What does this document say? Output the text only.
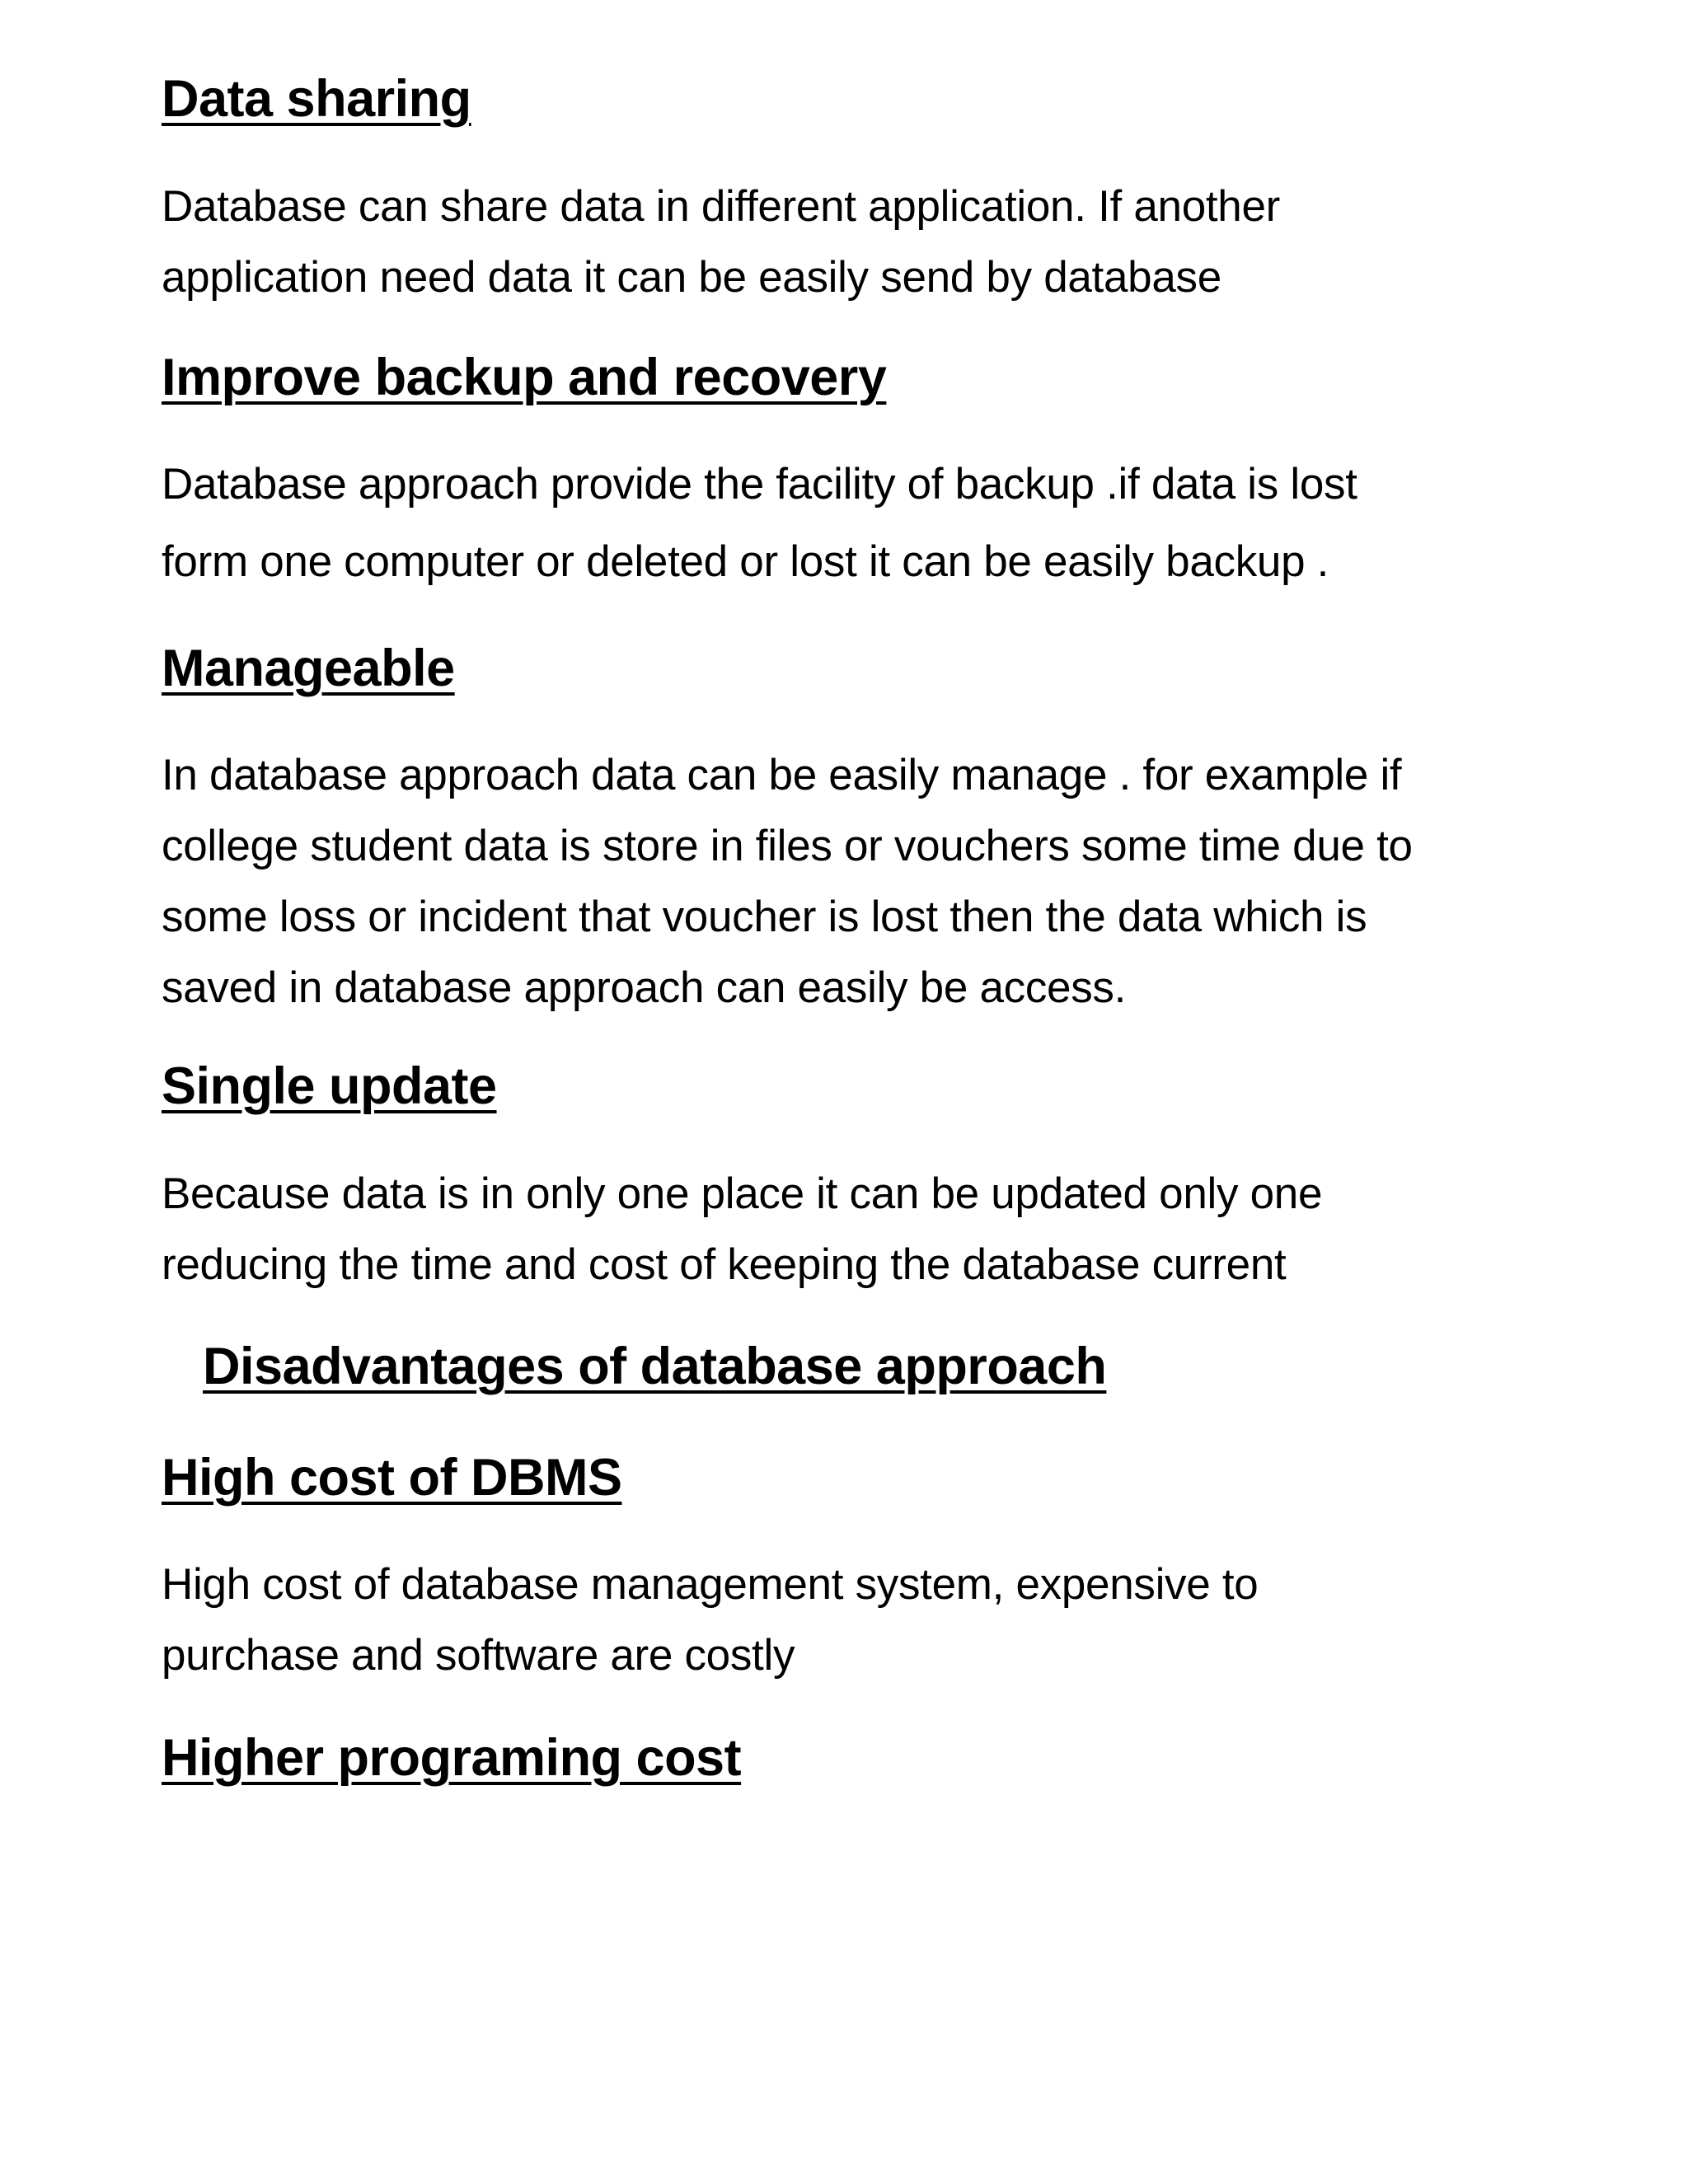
Data sharing

Database can share data in different application. If another
application need data it can be easily send by database

Improve backup and recovery

Database approach provide the facility of backup .if data is lost
form one computer or deleted or lost it can be easily backup .

Manageable

In database approach data can be easily manage . for example if
college student data is store in files or vouchers some time due to
some loss or incident that voucher is lost then the data which is
saved in database approach can easily be access.

Single update

Because data is in only one place it can be updated only one
reducing the time and cost of keeping the database current

Disadvantages of database approach
High cost of DBMS

High cost of database management system, expensive to
purchase and software are costly

Higher programing cost
